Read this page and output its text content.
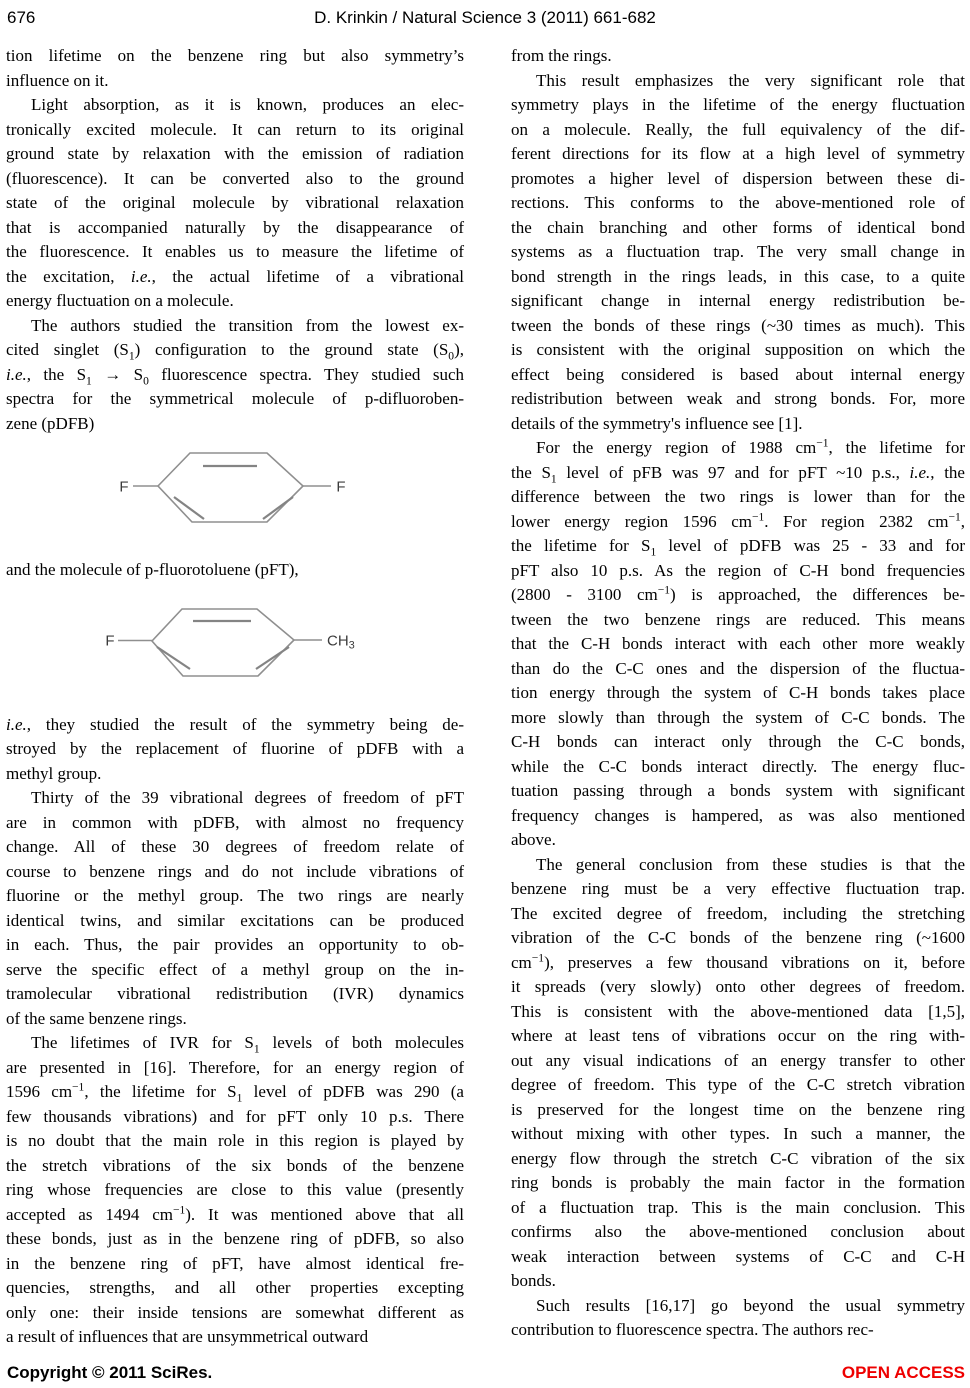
676	D. Krinkin / Natural Science 3 (2011) 661-682
tion lifetime on the benzene ring but also symmetry’s
influence on it.
Light absorption, as it is known, produces an elec-
tronically excited molecule. It can return to its original
ground state by relaxation with the emission of radiation
(fluorescence). It can be converted also to the ground
state of the original molecule by vibrational relaxation
that is accompanied naturally by the disappearance of
the fluorescence. It enables us to measure the lifetime of
the excitation, i.e., the actual lifetime of a vibrational
energy fluctuation on a molecule.
The authors studied the transition from the lowest ex-
cited singlet $(S_1)$ configuration to the ground state $(S_0)$,
i.e., the $S_1 \to S_0$ fluorescence spectra. They studied such
spectra for the symmetrical molecule of p-difluoroben-
zene (pDFB)
F	F
and the molecule of p-fluorotoluene (pFT),
F	$CH_3$
i.e., they studied the result of the symmetry being de-
stroyed by the replacement of fluorine of pDFB with a
methyl group.
Thirty of the 39 vibrational degrees of freedom of pFT
are in common with pDFB, with almost no frequency
change. All of these 30 degrees of freedom relate of
course to benzene rings and do not include vibrations of
fluorine or the methyl group. The two rings are nearly
identical twins, and similar excitations can be produced
in each. Thus, the pair provides an opportunity to ob-
serve the specific effect of a methyl group on the in-
tramolecular vibrational redistribution (IVR) dynamics
of the same benzene rings.
The lifetimes of IVR for $S_1$ levels of both molecules
are presented in [16]. Therefore, for an energy region of
1596 $cm^{-1}$, the lifetime for $S_1$ level of pDFB was 290 (a
few thousands vibrations) and for pFT only 10 p.s. There
is no doubt that the main role in this region is played by
the stretch vibrations of the six bonds of the benzene
ring whose frequencies are close to this value (presently
accepted as 1494 $cm^{-1}$). It was mentioned above that all
these bonds, just as in the benzene ring of pDFB, so also
in the benzene ring of pFT, have almost identical fre-
quencies, strengths, and all other properties excepting
only one: their inside tensions are somewhat different as
a result of influences that are unsymmetrical outward
from the rings.
This result emphasizes the very significant role that
symmetry plays in the lifetime of the energy fluctuation
on a molecule. Really, the full equivalency of the dif-
ferent directions for its flow at a high level of symmetry
promotes a higher level of dispersion between these di-
rections. This conforms to the above-mentioned role of
the chain branching and other forms of identical bond
systems as a fluctuation trap. The very small change in
bond strength in the rings leads, in this case, to a quite
significant change in internal energy redistribution be-
tween the bonds of these rings (~30 times as much). This
is consistent with the original supposition on which the
effect being considered is based about internal energy
redistribution between weak and strong bonds. For, more
details of the symmetry's influence see [1].
For the energy region of 1988 $cm^{-1}$, the lifetime for
the $S_1$ level of pFB was 97 and for pFT ~10 p.s., i.e., the
difference between the two rings is lower than for the
lower energy region 1596 $cm^{-1}$. For region 2382 $cm^{-1}$,
the lifetime for $S_1$ level of pDFB was 25 - 33 and for
pFT also 10 p.s. As the region of C-H bond frequencies
(2800 - 3100 $cm^{-1}$) is approached, the differences be-
tween the two benzene rings are reduced. This means
that the C-H bonds interact with each other more weakly
than do the C-C ones and the dispersion of the fluctua-
tion energy through the system of C-H bonds takes place
more slowly than through the system of C-C bonds. The
C-H bonds can interact only through the C-C bonds,
while the C-C bonds interact directly. The energy fluc-
tuation passing through a bonds system with significant
frequency changes is hampered, as was also mentioned
above.
The general conclusion from these studies is that the
benzene ring must be a very effective fluctuation trap.
The excited degree of freedom, including the stretching
vibration of the C-C bonds of the benzene ring (~1600
$cm^{-1}$), preserves a few thousand vibrations on it, before
it spreads (very slowly) onto other degrees of freedom.
This is consistent with the above-mentioned data [1,5],
where at least tens of vibrations occur on the ring with-
out any visual indications of an energy transfer to other
degree of freedom. This type of the C-C stretch vibration
is preserved for the longest time on the benzene ring
without mixing with other types. In such a manner, the
energy flow through the stretch C-C vibration of the six
ring bonds is probably the main factor in the formation
of a fluctuation trap. This is the main conclusion. This
confirms also the above-mentioned conclusion about
weak interaction between systems of C-C and C-H
bonds.
Such results [16,17] go beyond the usual symmetry
contribution to fluorescence spectra. The authors rec-
Copyright © 2011 SciRes.	OPEN ACCESS
